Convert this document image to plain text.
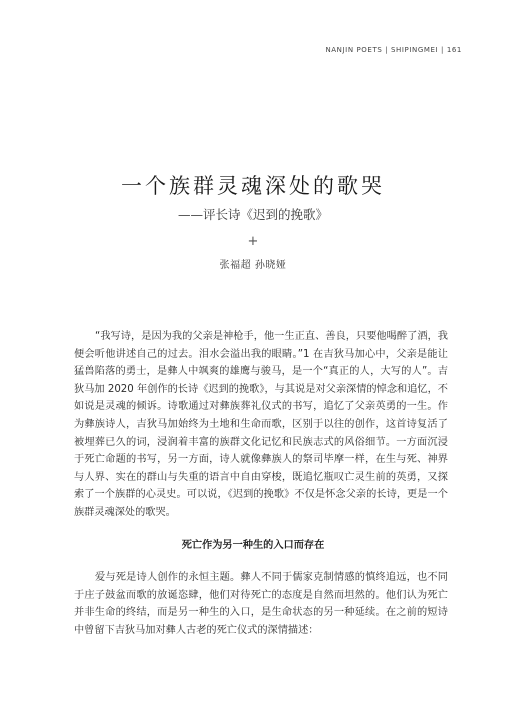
NANJIN POETS | SHIPINGMEI | 161
一个族群灵魂深处的歌哭
——评长诗《迟到的挽歌》
+
张福超 孙晓娅
“我写诗，是因为我的父亲是神枪手，他一生正直、善良，只要他喝醉了酒，我便会听他讲述自己的过去。泪水会溢出我的眼睛。”1 在吉狄马加心中，父亲是能让猛兽陷落的勇士，是彝人中飒爽的雄鹰与骏马，是一个“真正的人，大写的人”。吉狄马加 2020 年创作的长诗《迟到的挽歌》，与其说是对父亲深情的悼念和追忆，不如说是灵魂的倾诉。诗歌通过对彝族葬礼仪式的书写，追忆了父亲英勇的一生。作为彝族诗人，吉狄马加始终为土地和生命而歌，区别于以往的创作，这首诗复活了被埋葬已久的词，浸润着丰富的族群文化记忆和民族志式的风俗细节。一方面沉浸于死亡命题的书写，另一方面，诗人就像彝族人的祭司毕摩一样，在生与死、神界与人界、实在的群山与失重的语言中自由穿梭，既追忆瓶叹亡灵生前的英勇，又探索了一个族群的心灵史。可以说，《迟到的挽歌》不仅是怀念父亲的长诗，更是一个族群灵魂深处的歌哭。
死亡作为另一种生的入口而存在
爱与死是诗人创作的永恒主题。彝人不同于儒家克制情感的慎终追远，也不同于庄子鼓盆而歌的放诞恣肆，他们对待死亡的态度是自然而坦然的。他们认为死亡并非生命的终结，而是另一种生的入口，是生命状态的另一种延续。在之前的短诗中曾留下吉狄马加对彝人古老的死亡仪式的深情描述：
